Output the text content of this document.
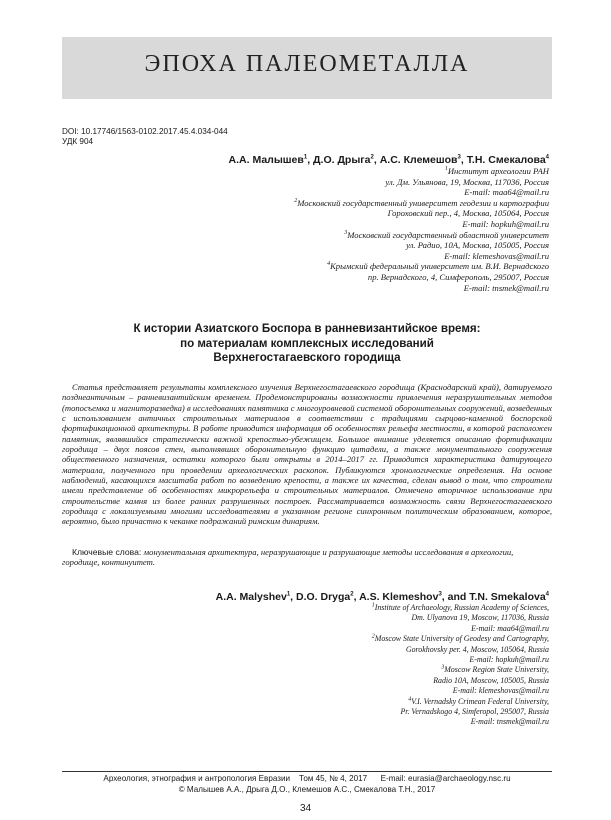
ЭПОХА ПАЛЕОМЕТАЛЛА
DOI: 10.17746/1563-0102.2017.45.4.034-044
УДК 904
А.А. Малышев$^1$, Д.О. Дрыга$^2$, А.С. Клемешов$^3$, Т.Н. Смекалова$^4$
$^1$Институт археологии РАН
ул. Дм. Ульянова, 19, Москва, 117036, Россия
E-mail: maa64@mail.ru
$^2$Московский государственный университет геодезии и картографии
Гороховский пер., 4, Москва, 105064, Россия
E-mail: hopkuh@mail.ru
$^3$Московский государственный областной университет
ул. Радио, 10А, Москва, 105005, Россия
E-mail: klemeshovas@mail.ru
$^4$Крымский федеральный университет им. В.И. Вернадского
пр. Вернадского, 4, Симферополь, 295007, Россия
E-mail: tnsmek@mail.ru
К истории Азиатского Боспора в ранневизантийское время:
по материалам комплексных исследований
Верхнегостагаевского городища

Статья представляет результаты комплексного изучения Верхнегостагаевского городища (Краснодарский край), датируемого позднеантичным – ранневизантийским временем. Продемонстрированы возможности привлечения неразрушительных методов (топосъемка и магниторазведка) в исследованиях памятника с многоуровневой системой оборонительных сооружений, возведенных с использованием античных строительных материалов в соответствии с традициями сырцово-каменной боспорской фортификационной архитектуры. В работе приводится информация об особенностях рельефа местности, в которой расположен памятник, являвшийся стратегически важной крепостью-убежищем. Большое внимание уделяется описанию фортификации городища – двух поясов стен, выполнявших оборонительную функцию цитадели, а также монументального сооружения общественного назначения, остатки которого были открыты в 2014–2017 гг. Приводится характеристика датирующего материала, полученного при проведении археологических раскопок. Публикуются хронологические определения. На основе наблюдений, касающихся масштаба работ по возведению крепости, а также их качества, сделан вывод о том, что строители имели представление об особенностях микрорельефа и строительных материалов. Отмечено вторичное использование при строительстве камня из более ранних разрушенных построек. Рассматривается возможность связи Верхнегостагаевского городища с локализуемыми многими исследователями в указанном регионе синхронным политическим образованием, которое, вероятно, было причастно к чеканке подражаний римским динариям.

Ключевые слова: монументальная архитектура, неразрушающие и разрушающие методы исследования в археологии, городище, континуитет.

A.A. Malyshev$^1$, D.O. Dryga$^2$, A.S. Klemeshov$^3$, and T.N. Smekalova$^4$
$^1$Institute of Archaeology, Russian Academy of Sciences,
Dm. Ulyanova 19, Moscow, 117036, Russia
E-mail: maa64@mail.ru
$^2$Moscow State University of Geodesy and Cartography,
Gorokhovsky per. 4, Moscow, 105064, Russia
E-mail: hopkuh@mail.ru
$^3$Moscow Region State University,
Radio 10A, Moscow, 105005, Russia
E-mail: klemeshovas@mail.ru
$^4$V.I. Vernadsky Crimean Federal University,
Pr. Vernadskogo 4, Simferopol, 295007, Russia
E-mail: tnsmek@mail.ru
Археология, этнография и антропология Евразии Том 45, № 4, 2017 E-mail: eurasia@archaeology.nsc.ru
© Малышев А.А., Дрыга Д.О., Клемешов А.С., Смекалова Т.Н., 2017
34
